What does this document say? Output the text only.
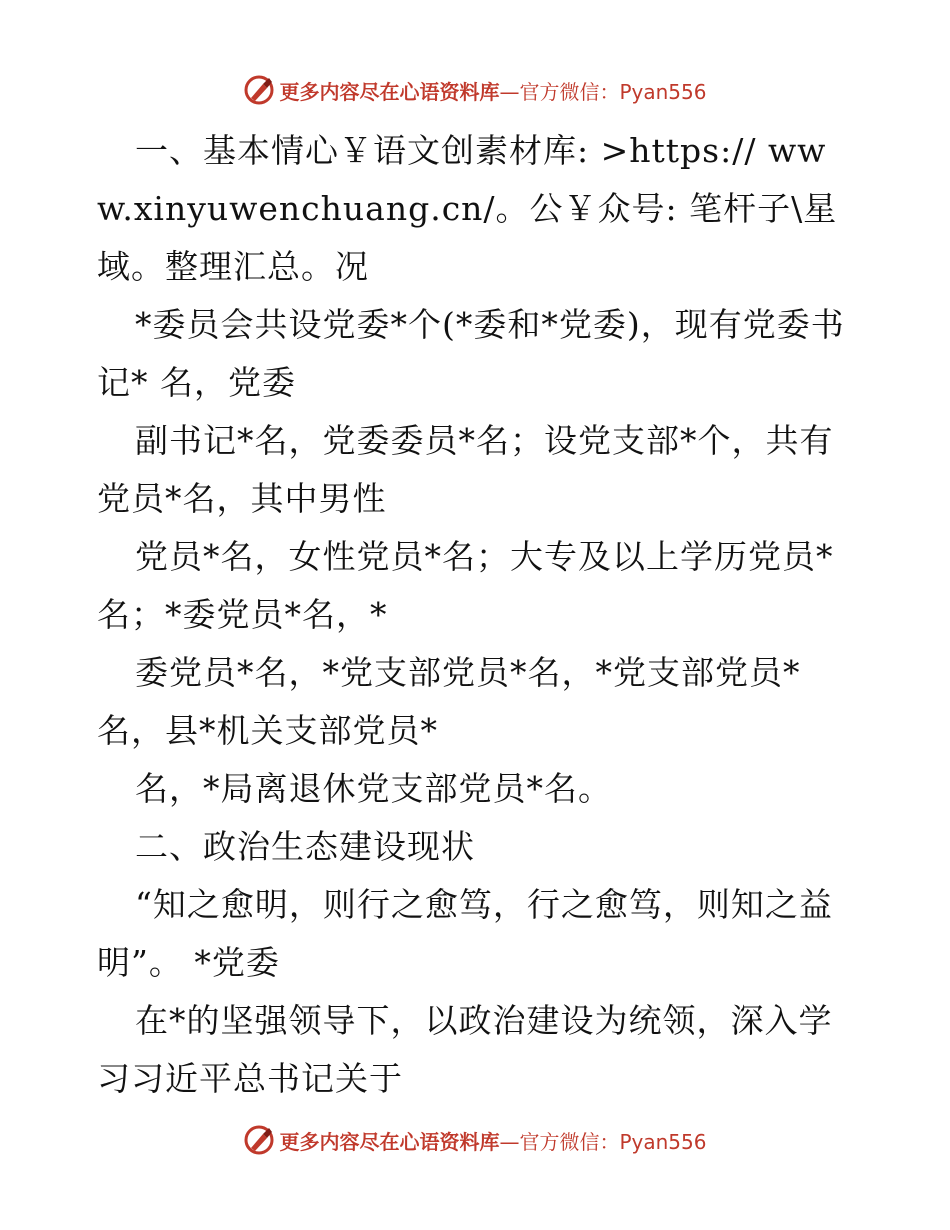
更多内容尽在心语资料库—官方微信：Pyan556

一、基本情心￥语文创素材库: >https:// www.xinyuwenchuang.cn/。公￥众号: 笔杆子\星域。整理汇总。况

*委员会共设党委*个(*委和*党委)，现有党委书记* 名，党委

副书记*名，党委委员*名；设党支部*个，共有党员*名，其中男性

党员*名，女性党员*名；大专及以上学历党员*名；*委党员*名，*

委党员*名，*党支部党员*名，*党支部党员*名，县*机关支部党员*

名，*局离退休党支部党员*名。

二、政治生态建设现状

“知之愈明，则行之愈笃，行之愈笃，则知之益明”。 *党委

在*的坚强领导下，以政治建设为统领，深入学习习近平总书记关于

更多内容尽在心语资料库—官方微信：Pyan556
